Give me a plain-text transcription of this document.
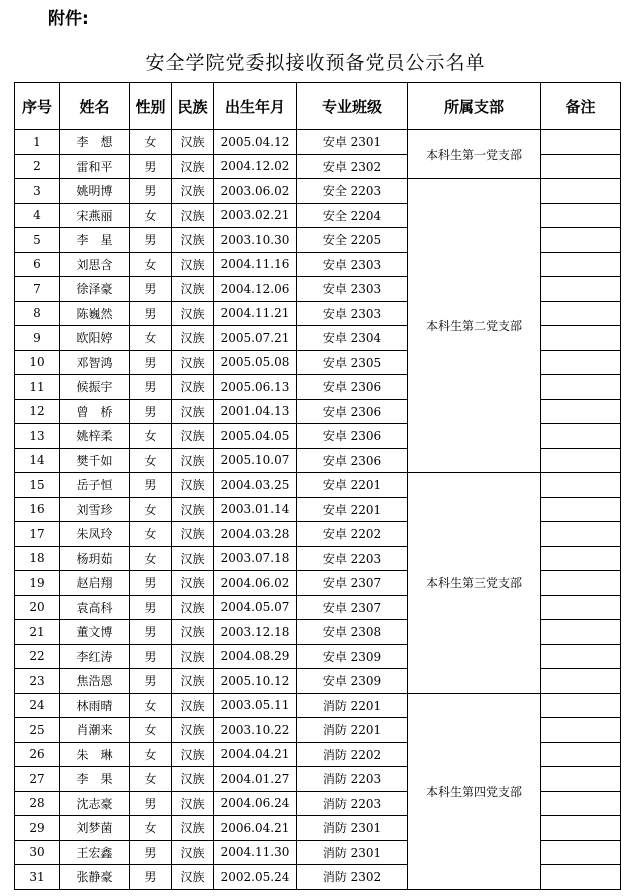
附件:
安全学院党委拟接收预备党员公示名单
序号	姓名	性别	民族	出生年月	专业班级	所属支部	备注
1	李　想	女	汉族	2005.04.12	安卓 2301	本科生第一党支部	
2	雷和平	男	汉族	2004.12.02	安卓 2302		
3	姚明博	男	汉族	2003.06.02	安全 2203	本科生第二党支部	
4	宋燕丽	女	汉族	2003.02.21	安全 2204		
5	李　星	男	汉族	2003.10.30	安全 2205		
6	刘思含	女	汉族	2004.11.16	安卓 2303		
7	徐泽豪	男	汉族	2004.12.06	安卓 2303		
8	陈巍然	男	汉族	2004.11.21	安卓 2303		
9	欧阳婷	女	汉族	2005.07.21	安卓 2304		
10	邓智鸿	男	汉族	2005.05.08	安卓 2305		
11	候振宇	男	汉族	2005.06.13	安卓 2306		
12	曾　桥	男	汉族	2001.04.13	安卓 2306		
13	姚梓柔	女	汉族	2005.04.05	安卓 2306		
14	樊千如	女	汉族	2005.10.07	安卓 2306		
15	岳子恒	男	汉族	2004.03.25	安卓 2201	本科生第三党支部	
16	刘雪珍	女	汉族	2003.01.14	安卓 2201		
17	朱凤玲	女	汉族	2004.03.28	安卓 2202		
18	杨玥茹	女	汉族	2003.07.18	安卓 2203		
19	赵启翔	男	汉族	2004.06.02	安卓 2307		
20	袁高科	男	汉族	2004.05.07	安卓 2307		
21	董文博	男	汉族	2003.12.18	安卓 2308		
22	李红涛	男	汉族	2004.08.29	安卓 2309		
23	焦浩恩	男	汉族	2005.10.12	安卓 2309		
24	林雨晴	女	汉族	2003.05.11	消防 2201	本科生第四党支部	
25	肖潮来	女	汉族	2003.10.22	消防 2201		
26	朱　琳	女	汉族	2004.04.21	消防 2202		
27	李　果	女	汉族	2004.01.27	消防 2203		
28	沈志豪	男	汉族	2004.06.24	消防 2203		
29	刘梦菌	女	汉族	2006.04.21	消防 2301		
30	王宏鑫	男	汉族	2004.11.30	消防 2301		
31	张静豪	男	汉族	2002.05.24	消防 2302		
